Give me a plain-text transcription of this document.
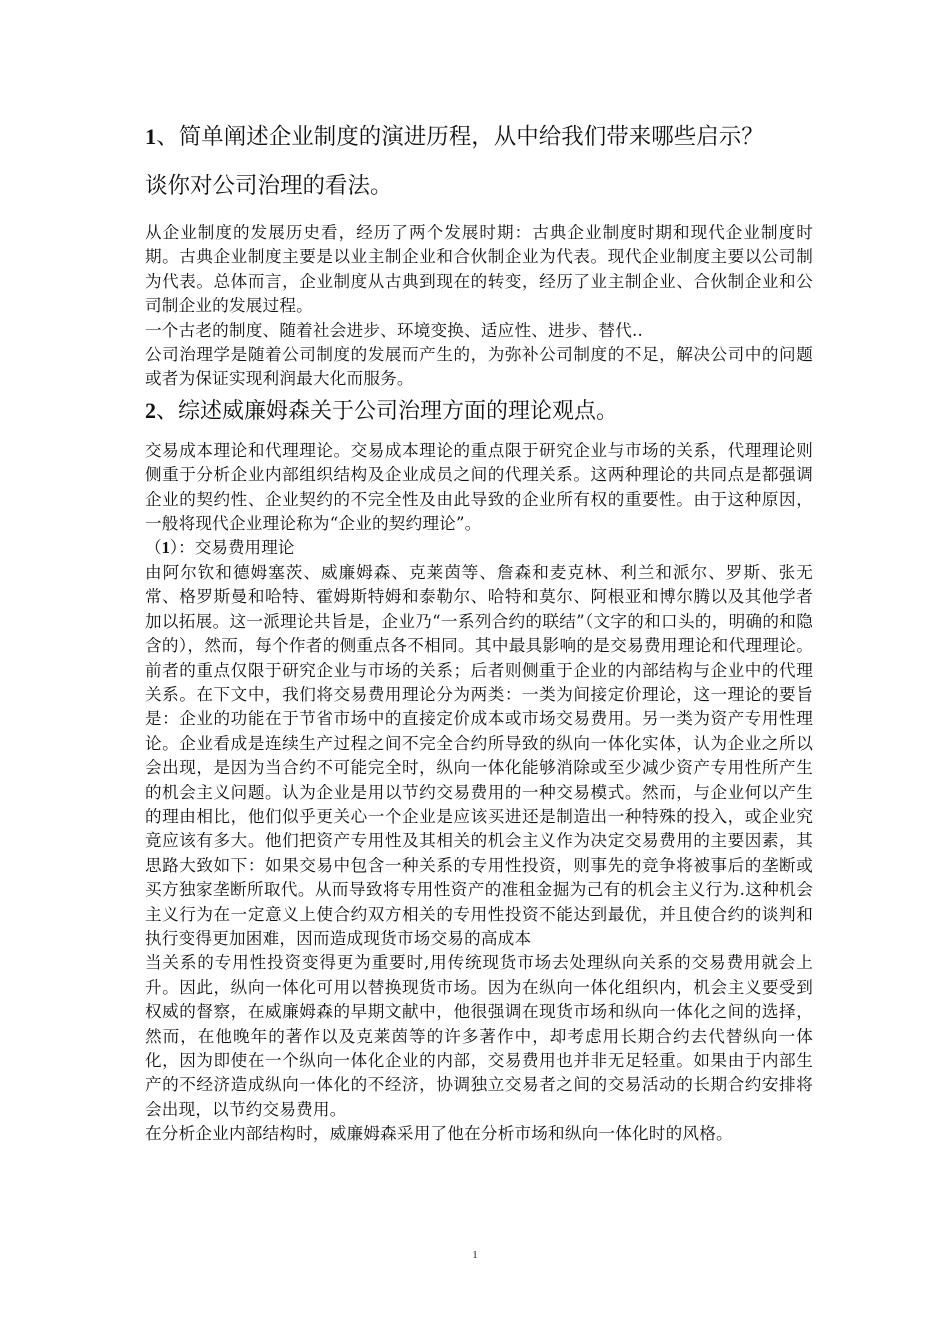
1、简单阐述企业制度的演进历程，从中给我们带来哪些启示？
谈你对公司治理的看法。

从企业制度的发展历史看，经历了两个发展时期：古典企业制度时期和现代企业制度时期。古典企业制度主要是以业主制企业和合伙制企业为代表。现代企业制度主要以公司制为代表。总体而言，企业制度从古典到现在的转变，经历了业主制企业、合伙制企业和公司制企业的发展过程。

一个古老的制度、随着社会进步、环境变换、适应性、进步、替代..

公司治理学是随着公司制度的发展而产生的，为弥补公司制度的不足，解决公司中的问题或者为保证实现利润最大化而服务。

2、综述威廉姆森关于公司治理方面的理论观点。

交易成本理论和代理理论。交易成本理论的重点限于研究企业与市场的关系，代理理论则侧重于分析企业内部组织结构及企业成员之间的代理关系。这两种理论的共同点是都强调企业的契约性、企业契约的不完全性及由此导致的企业所有权的重要性。由于这种原因，一般将现代企业理论称为“企业的契约理论”。

（1）：交易费用理论

由阿尔钦和德姆塞茨、威廉姆森、克莱茵等、詹森和麦克林、利兰和派尔、罗斯、张无常、格罗斯曼和哈特、霍姆斯特姆和泰勒尔、哈特和莫尔、阿根亚和博尔腾以及其他学者加以拓展。这一派理论共旨是，企业乃“一系列合约的联结”（文字的和口头的，明确的和隐含的），然而，每个作者的侧重点各不相同。其中最具影响的是交易费用理论和代理理论。前者的重点仅限于研究企业与市场的关系；后者则侧重于企业的内部结构与企业中的代理关系。在下文中，我们将交易费用理论分为两类：一类为间接定价理论，这一理论的要旨是：企业的功能在于节省市场中的直接定价成本或市场交易费用。另一类为资产专用性理论。企业看成是连续生产过程之间不完全合约所导致的纵向一体化实体，认为企业之所以会出现，是因为当合约不可能完全时，纵向一体化能够消除或至少减少资产专用性所产生的机会主义问题。认为企业是用以节约交易费用的一种交易模式。然而，与企业何以产生的理由相比，他们似乎更关心一个企业是应该买进还是制造出一种特殊的投入，或企业究竟应该有多大。他们把资产专用性及其相关的机会主义作为决定交易费用的主要因素，其思路大致如下：如果交易中包含一种关系的专用性投资，则事先的竞争将被事后的垄断或买方独家垄断所取代。从而导致将专用性资产的准租金掘为己有的机会主义行为.这种机会主义行为在一定意义上使合约双方相关的专用性投资不能达到最优，并且使合约的谈判和执行变得更加困难，因而造成现货市场交易的高成本

当关系的专用性投资变得更为重要时,用传统现货市场去处理纵向关系的交易费用就会上升。因此，纵向一体化可用以替换现货市场。因为在纵向一体化组织内，机会主义要受到权威的督察，在威廉姆森的早期文献中，他很强调在现货市场和纵向一体化之间的选择，然而，在他晚年的著作以及克莱茵等的许多著作中，却考虑用长期合约去代替纵向一体化，因为即使在一个纵向一体化企业的内部，交易费用也并非无足轻重。如果由于内部生产的不经济造成纵向一体化的不经济，协调独立交易者之间的交易活动的长期合约安排将会出现，以节约交易费用。

在分析企业内部结构时，威廉姆森采用了他在分析市场和纵向一体化时的风格。

1
